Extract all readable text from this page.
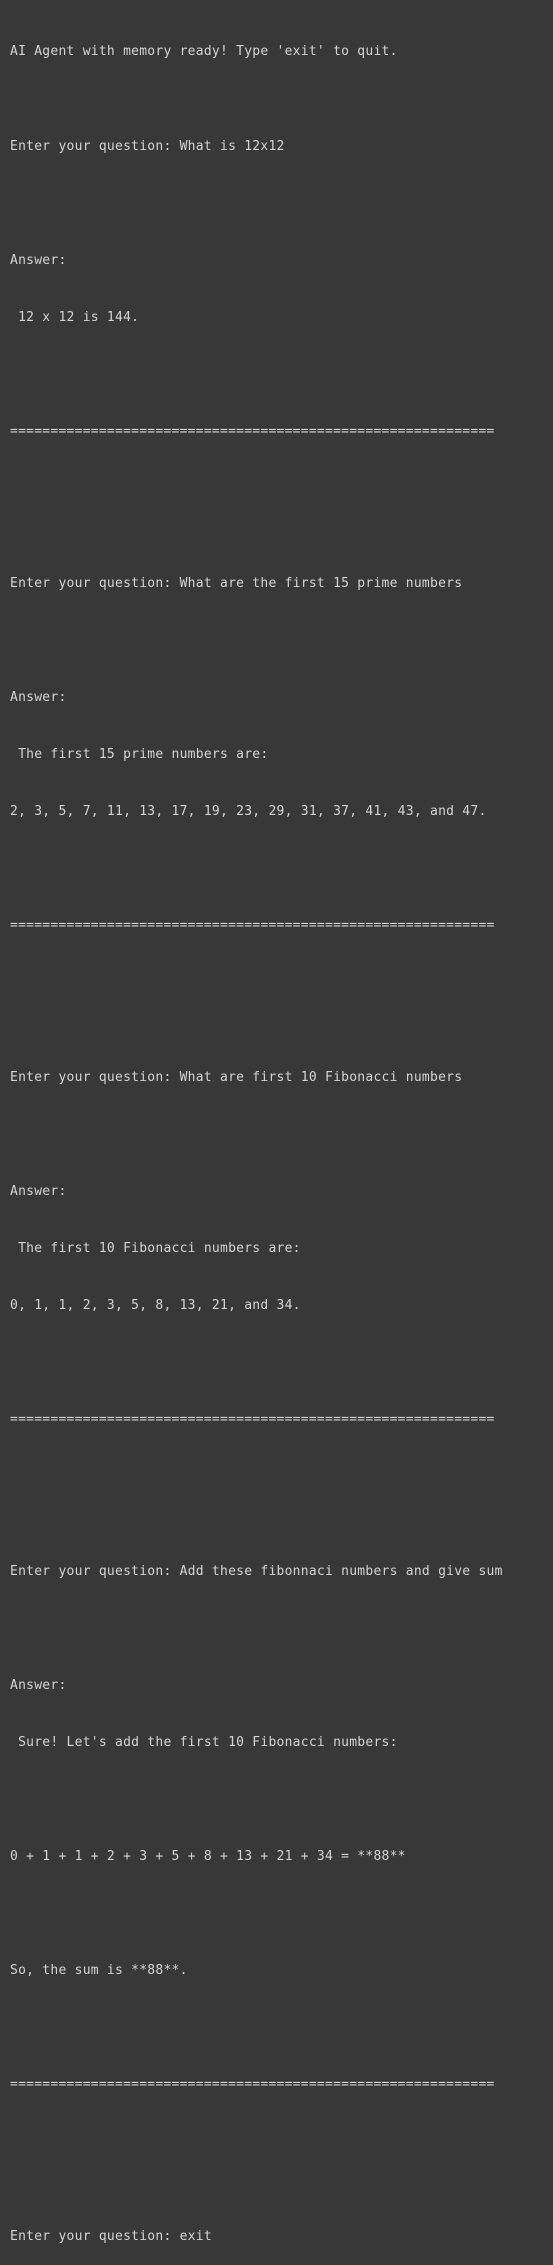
AI Agent with memory ready! Type 'exit' to quit.

Enter your question: What is 12x12

Answer:

12 x 12 is 144.

============================================================

Enter your question: What are the first 15 prime numbers

Answer:

The first 15 prime numbers are:

2, 3, 5, 7, 11, 13, 17, 19, 23, 29, 31, 37, 41, 43, and 47.

============================================================

Enter your question: What are first 10 Fibonacci numbers

Answer:

The first 10 Fibonacci numbers are:

0, 1, 1, 2, 3, 5, 8, 13, 21, and 34.

============================================================

Enter your question: Add these fibonnaci numbers and give sum

Answer:

Sure! Let's add the first 10 Fibonacci numbers:

0 + 1 + 1 + 2 + 3 + 5 + 8 + 13 + 21 + 34 = **88**

So, the sum is **88**.

============================================================

Enter your question: exit
